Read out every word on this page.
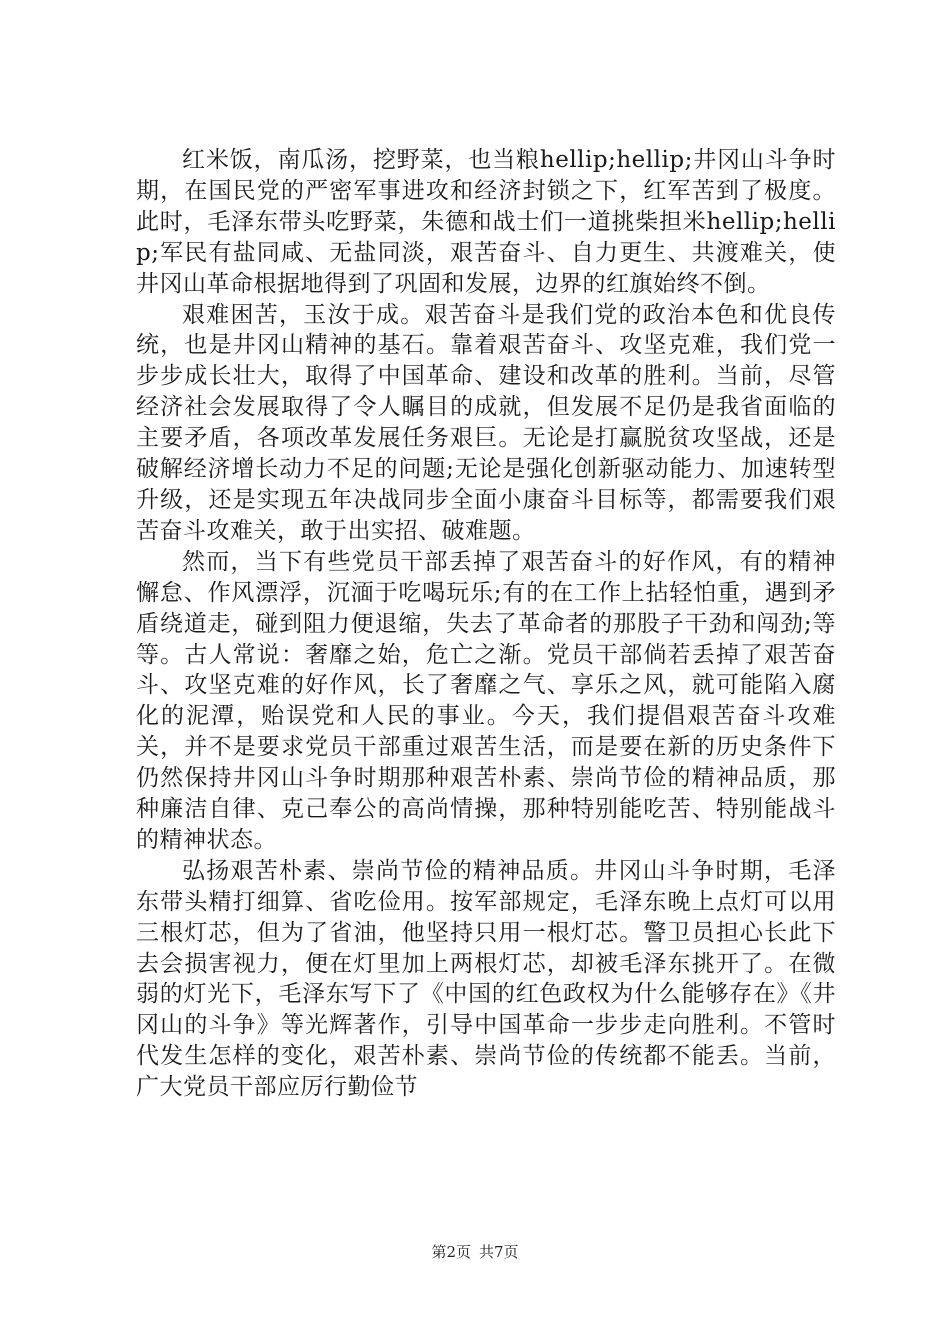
红米饭，南瓜汤，挖野菜，也当粮hellip;hellip;井冈山斗争时期，在国民党的严密军事进攻和经济封锁之下，红军苦到了极度。此时，毛泽东带头吃野菜，朱德和战士们一道挑柴担米hellip;hellip;军民有盐同咸、无盐同淡，艰苦奋斗、自力更生、共渡难关，使井冈山革命根据地得到了巩固和发展，边界的红旗始终不倒。

艰难困苦，玉汝于成。艰苦奋斗是我们党的政治本色和优良传统，也是井冈山精神的基石。靠着艰苦奋斗、攻坚克难，我们党一步步成长壮大，取得了中国革命、建设和改革的胜利。当前，尽管经济社会发展取得了令人瞩目的成就，但发展不足仍是我省面临的主要矛盾，各项改革发展任务艰巨。无论是打赢脱贫攻坚战，还是破解经济增长动力不足的问题;无论是强化创新驱动能力、加速转型升级，还是实现五年决战同步全面小康奋斗目标等，都需要我们艰苦奋斗攻难关，敢于出实招、破难题。

然而，当下有些党员干部丢掉了艰苦奋斗的好作风，有的精神懈怠、作风漂浮，沉湎于吃喝玩乐;有的在工作上拈轻怕重，遇到矛盾绕道走，碰到阻力便退缩，失去了革命者的那股子干劲和闯劲;等等。古人常说：奢靡之始，危亡之渐。党员干部倘若丢掉了艰苦奋斗、攻坚克难的好作风，长了奢靡之气、享乐之风，就可能陷入腐化的泥潭，贻误党和人民的事业。今天，我们提倡艰苦奋斗攻难关，并不是要求党员干部重过艰苦生活，而是要在新的历史条件下仍然保持井冈山斗争时期那种艰苦朴素、崇尚节俭的精神品质，那种廉洁自律、克己奉公的高尚情操，那种特别能吃苦、特别能战斗的精神状态。

弘扬艰苦朴素、崇尚节俭的精神品质。井冈山斗争时期，毛泽东带头精打细算、省吃俭用。按军部规定，毛泽东晚上点灯可以用三根灯芯，但为了省油，他坚持只用一根灯芯。警卫员担心长此下去会损害视力，便在灯里加上两根灯芯，却被毛泽东挑开了。在微弱的灯光下，毛泽东写下了《中国的红色政权为什么能够存在》《井冈山的斗争》等光辉著作，引导中国革命一步步走向胜利。不管时代发生怎样的变化，艰苦朴素、崇尚节俭的传统都不能丢。当前，广大党员干部应厉行勤俭节

第2页 共7页
